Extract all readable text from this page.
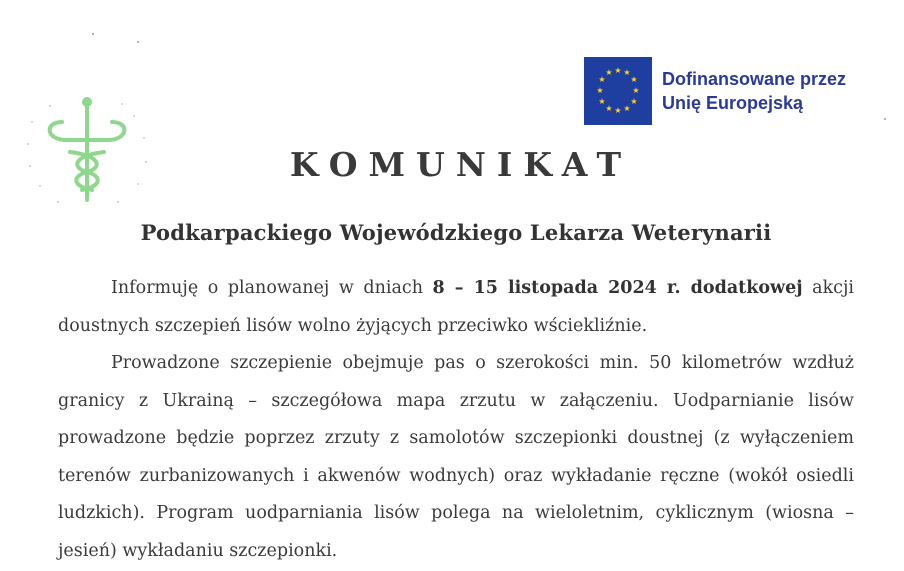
★ ★
★
★
★
★
★
★
★
★
★
★	Dofinansowane przez
Unię Europejską
KOMUNIKAT
Podkarpackiego Wojewódzkiego Lekarza Weterynarii

Informuję o planowanej w dniach 8 – 15 listopada 2024 r. dodatkowej akcji doustnych szczepień lisów wolno żyjących przeciwko wściekliźnie.

Prowadzone szczepienie obejmuje pas o szerokości min. 50 kilometrów wzdłuż granicy z Ukrainą – szczegółowa mapa zrzutu w załączeniu. Uodparnianie lisów prowadzone będzie poprzez zrzuty z samolotów szczepionki doustnej (z wyłączeniem terenów zurbanizowanych i akwenów wodnych) oraz wykładanie ręczne (wokół osiedli ludzkich). Program uodparniania lisów polega na wieloletnim, cyklicznym (wiosna – jesień) wykładaniu szczepionki.
